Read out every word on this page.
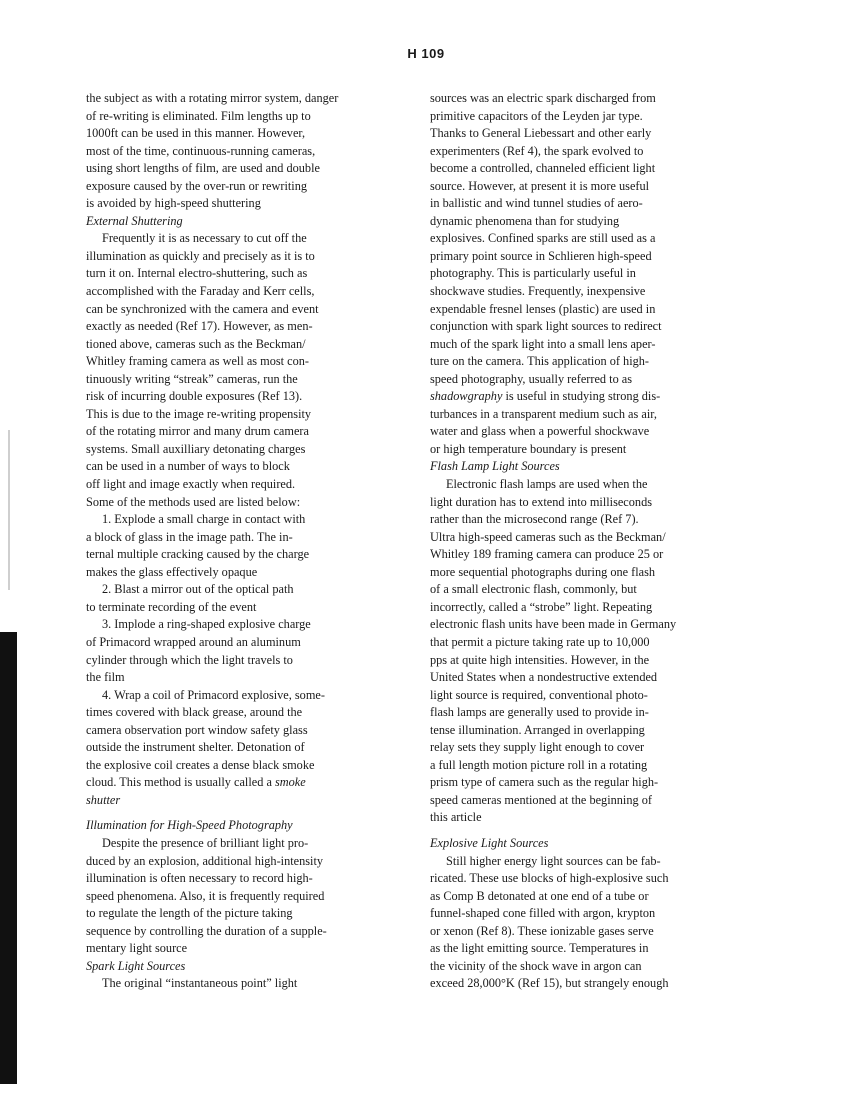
H 109
the subject as with a rotating mirror system, danger
of re-writing is eliminated. Film lengths up to
1000ft can be used in this manner. However,
most of the time, continuous-running cameras,
using short lengths of film, are used and double
exposure caused by the over-run or rewriting
is avoided by high-speed shuttering
External Shuttering
Frequently it is as necessary to cut off the
illumination as quickly and precisely as it is to
turn it on. Internal electro-shuttering, such as
accomplished with the Faraday and Kerr cells,
can be synchronized with the camera and event
exactly as needed (Ref 17). However, as men-
tioned above, cameras such as the Beckman/
Whitley framing camera as well as most con-
tinuously writing “streak” cameras, run the
risk of incurring double exposures (Ref 13).
This is due to the image re-writing propensity
of the rotating mirror and many drum camera
systems. Small auxilliary detonating charges
can be used in a number of ways to block
off light and image exactly when required.
Some of the methods used are listed below:
1. Explode a small charge in contact with
a block of glass in the image path. The in-
ternal multiple cracking caused by the charge
makes the glass effectively opaque
2. Blast a mirror out of the optical path
to terminate recording of the event
3. Implode a ring-shaped explosive charge
of Primacord wrapped around an aluminum
cylinder through which the light travels to
the film
4. Wrap a coil of Primacord explosive, some-
times covered with black grease, around the
camera observation port window safety glass
outside the instrument shelter. Detonation of
the explosive coil creates a dense black smoke
cloud. This method is usually called a smoke
shutter
Illumination for High-Speed Photography
Despite the presence of brilliant light pro-
duced by an explosion, additional high-intensity
illumination is often necessary to record high-
speed phenomena. Also, it is frequently required
to regulate the length of the picture taking
sequence by controlling the duration of a supple-
mentary light source
Spark Light Sources
The original “instantaneous point” light
sources was an electric spark discharged from
primitive capacitors of the Leyden jar type.
Thanks to General Liebessart and other early
experimenters (Ref 4), the spark evolved to
become a controlled, channeled efficient light
source. However, at present it is more useful
in ballistic and wind tunnel studies of aero-
dynamic phenomena than for studying
explosives. Confined sparks are still used as a
primary point source in Schlieren high-speed
photography. This is particularly useful in
shockwave studies. Frequently, inexpensive
expendable fresnel lenses (plastic) are used in
conjunction with spark light sources to redirect
much of the spark light into a small lens aper-
ture on the camera. This application of high-
speed photography, usually referred to as
shadowgraphy is useful in studying strong dis-
turbances in a transparent medium such as air,
water and glass when a powerful shockwave
or high temperature boundary is present
Flash Lamp Light Sources
Electronic flash lamps are used when the
light duration has to extend into milliseconds
rather than the microsecond range (Ref 7).
Ultra high-speed cameras such as the Beckman/
Whitley 189 framing camera can produce 25 or
more sequential photographs during one flash
of a small electronic flash, commonly, but
incorrectly, called a “strobe” light. Repeating
electronic flash units have been made in Germany
that permit a picture taking rate up to 10,000
pps at quite high intensities. However, in the
United States when a nondestructive extended
light source is required, conventional photo-
flash lamps are generally used to provide in-
tense illumination. Arranged in overlapping
relay sets they supply light enough to cover
a full length motion picture roll in a rotating
prism type of camera such as the regular high-
speed cameras mentioned at the beginning of
this article
Explosive Light Sources
Still higher energy light sources can be fab-
ricated. These use blocks of high-explosive such
as Comp B detonated at one end of a tube or
funnel-shaped cone filled with argon, krypton
or xenon (Ref 8). These ionizable gases serve
as the light emitting source. Temperatures in
the vicinity of the shock wave in argon can
exceed 28,000°K (Ref 15), but strangely enough
